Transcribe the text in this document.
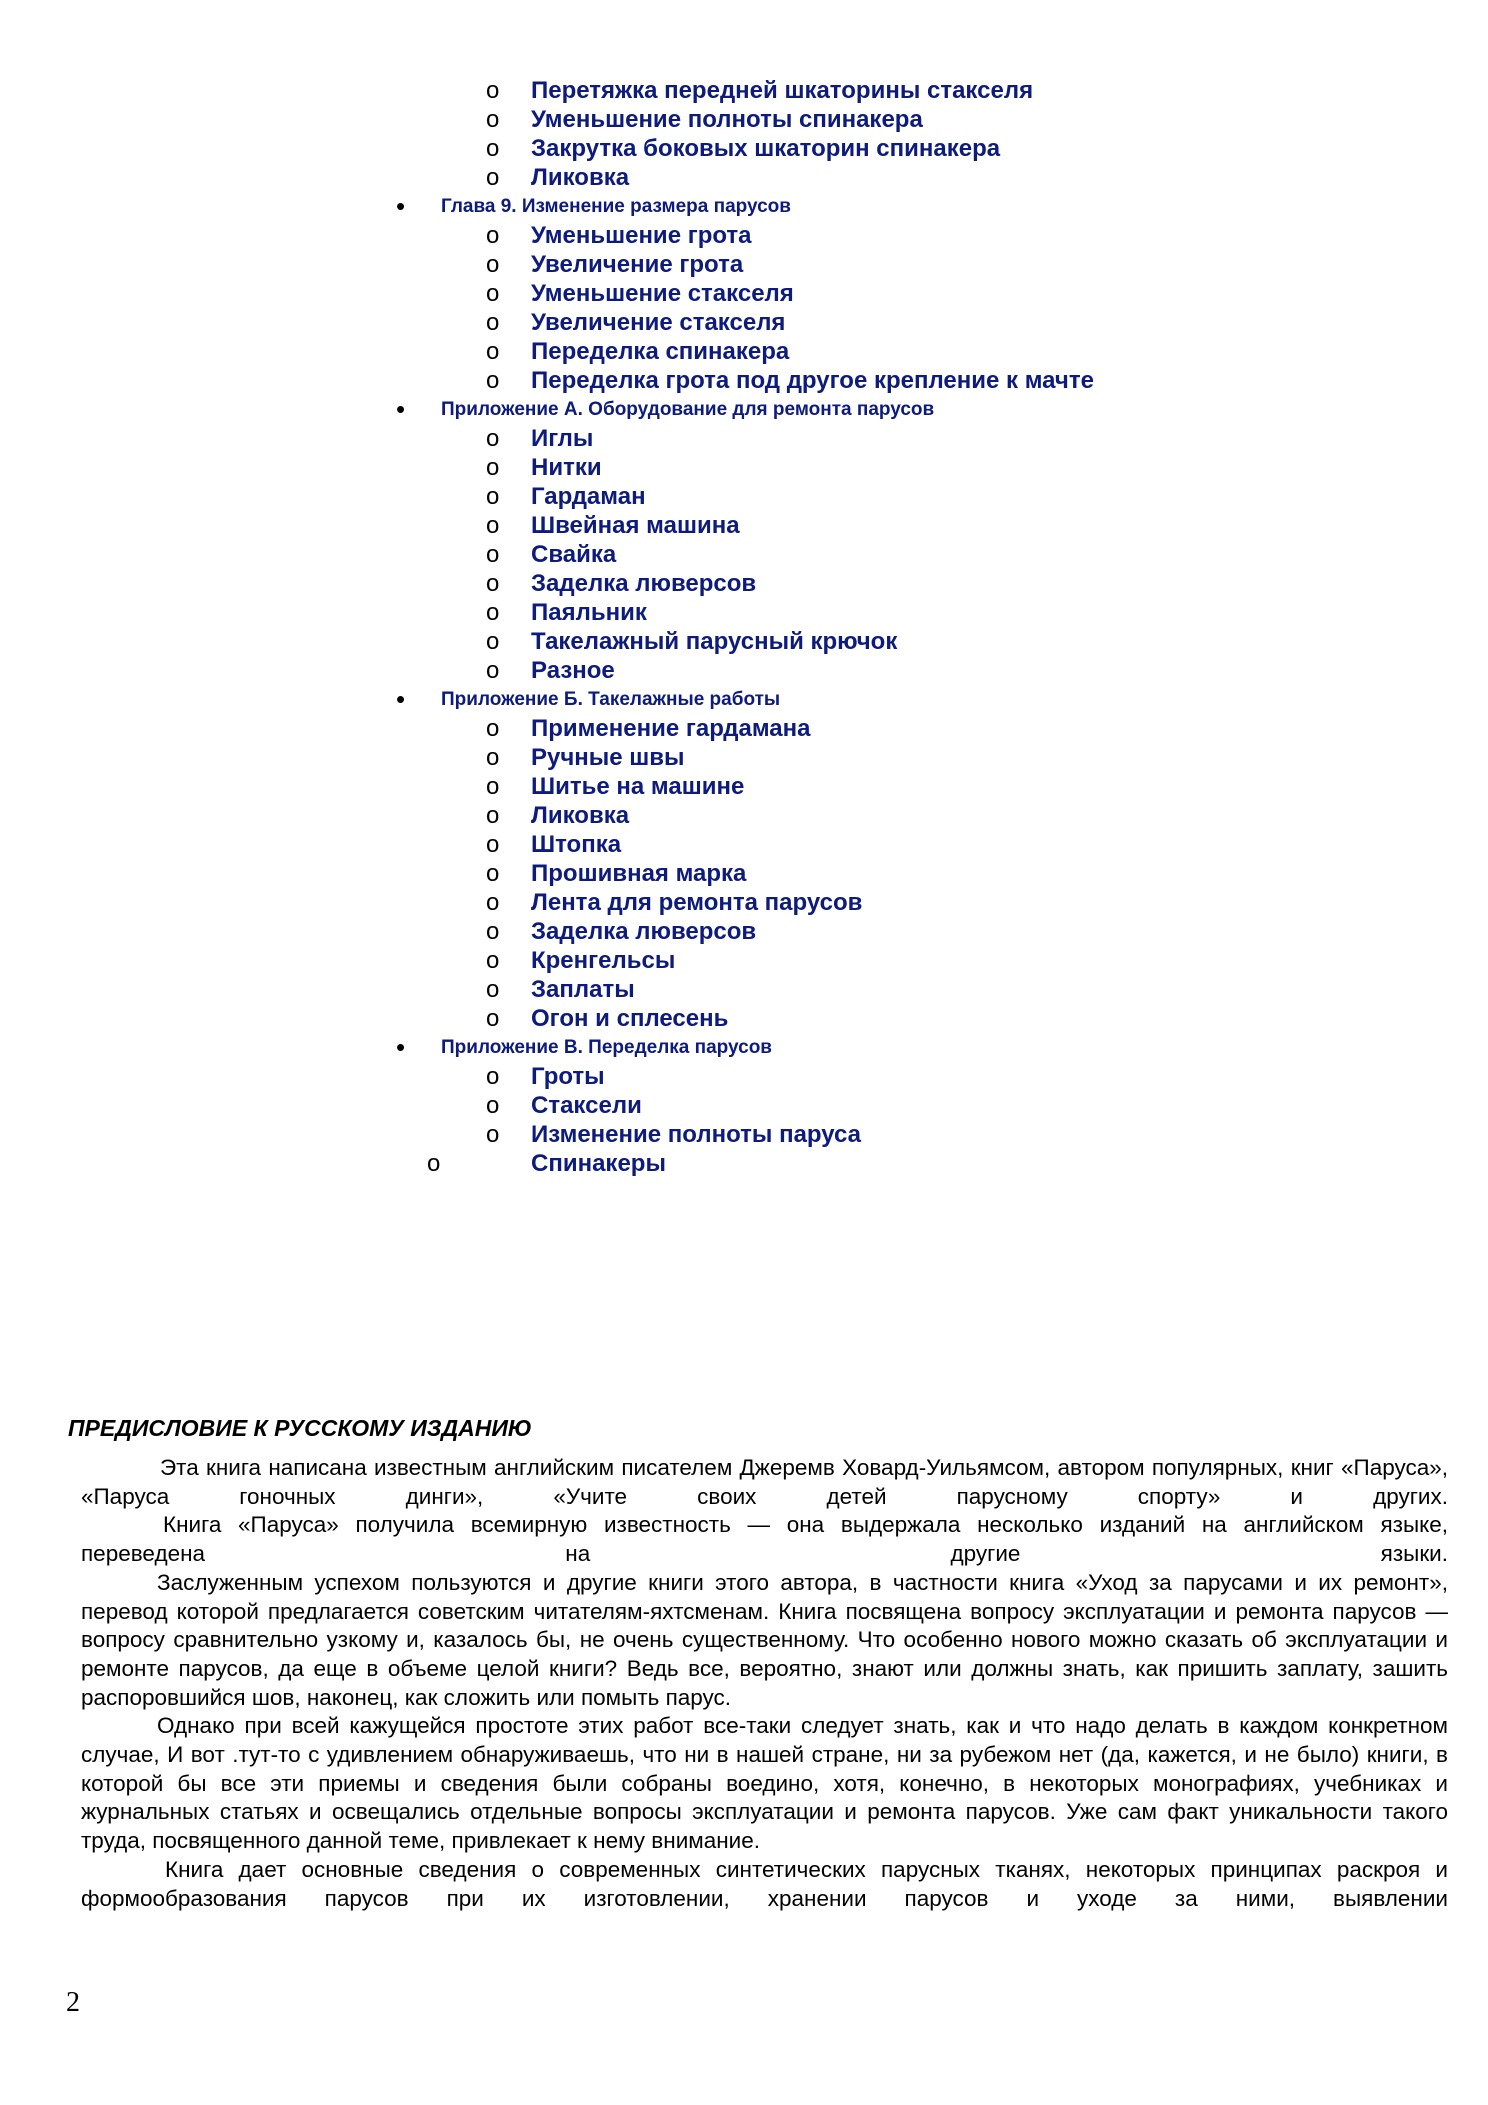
o Перетяжка передней шкаторины стакселя
o Уменьшение полноты спинакера
o Закрутка боковых шкаторин спинакера
o Ликовка
• Глава 9. Изменение размера парусов
o Уменьшение грота
o Увеличение грота
o Уменьшение стакселя
o Увеличение стакселя
o Переделка спинакера
o Переделка грота под другое крепление к мачте
• Приложение А. Оборудование для ремонта парусов
o Иглы
o Нитки
o Гардаман
o Швейная машина
o Свайка
o Заделка люверсов
o Паяльник
o Такелажный парусный крючок
o Разное
• Приложение Б. Такелажные работы
o Применение гардамана
o Ручные швы
o Шитье на машине
o Ликовка
o Штопка
o Прошивная марка
o Лента для ремонта парусов
o Заделка люверсов
o Кренгельсы
o Заплаты
o Огон и сплесень
• Приложение В. Переделка парусов
o Гроты
o Стаксели
o Изменение полноты паруса
o	Спинакеры
ПРЕДИСЛОВИЕ К РУССКОМУ ИЗДАНИЮ

Эта книга написана известным английским писателем Джеремв Ховард-Уильямсом, автором популярных, книг «Паруса», «Паруса гоночных динги», «Учите своих детей парусному спорту» и других.

Книга «Паруса» получила всемирную известность — она выдержала несколько изданий на английском языке, переведена на другие языки.

Заслуженным успехом пользуются и другие книги этого автора, в частности книга «Уход за парусами и их ремонт», перевод которой предлагается советским читателям-яхтсменам. Книга посвящена вопросу эксплуатации и ремонта парусов — вопросу сравнительно узкому и, казалось бы, не очень существенному. Что особенно нового можно сказать об эксплуатации и ремонте парусов, да еще в объеме целой книги? Ведь все, вероятно, знают или должны знать, как пришить заплату, зашить распоровшийся шов, наконец, как сложить или помыть парус.

Однако при всей кажущейся простоте этих работ все-таки следует знать, как и что надо делать в каждом конкретном случае, И вот .тут-то с удивлением обнаруживаешь, что ни в нашей стране, ни за рубежом нет (да, кажется, и не было) книги, в которой бы все эти приемы и сведения были собраны воедино, хотя, конечно, в некоторых монографиях, учебниках и журнальных статьях и освещались отдельные вопросы эксплуатации и ремонта парусов. Уже сам факт уникальности такого труда, посвященного данной теме, привлекает к нему внимание.

Книга дает основные сведения о современных синтетических парусных тканях, некоторых принципах раскроя и формообразования парусов при их изготовлении, хранении парусов и уходе за ними, выявлении

2
